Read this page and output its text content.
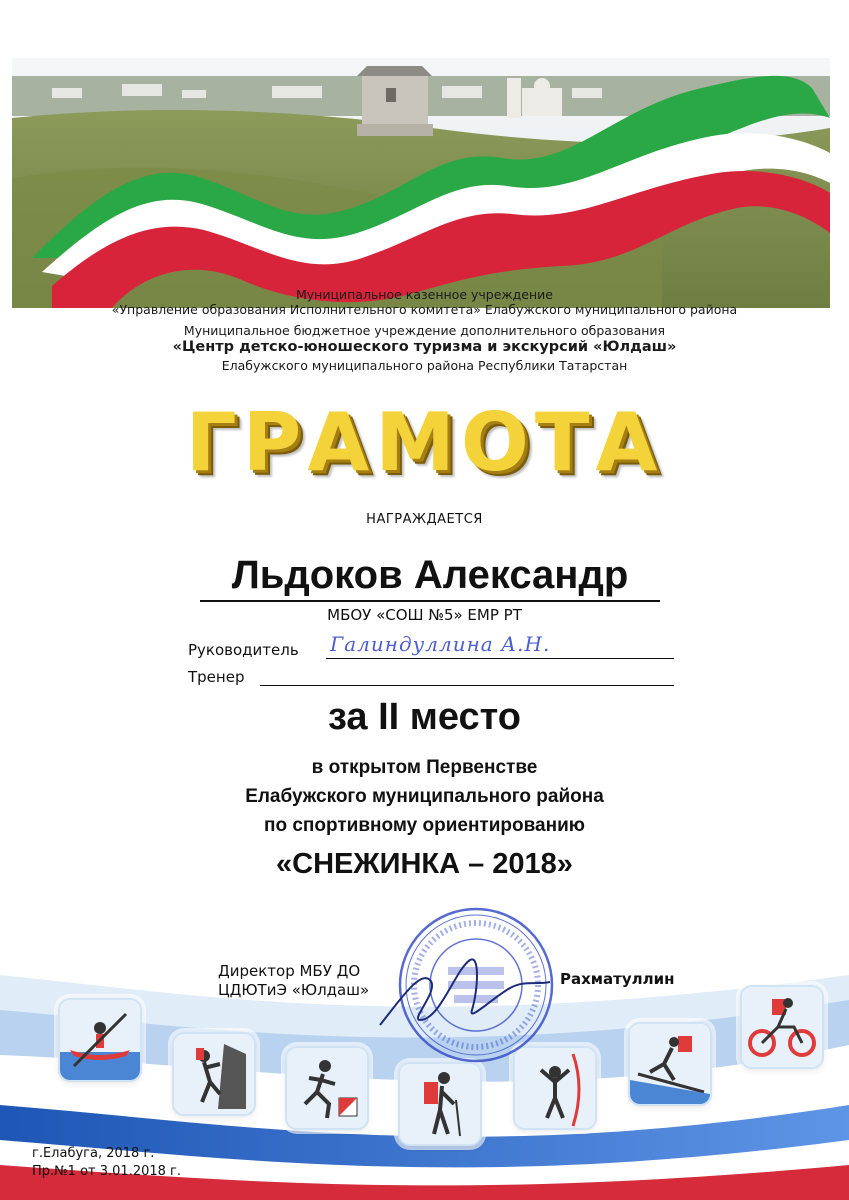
Муниципальное казенное учреждение
«Управление образования Исполнительного комитета» Елабужского муниципального района
Муниципальное бюджетное учреждение дополнительного образования
«Центр детско-юношеского туризма и экскурсий «Юлдаш»
Елабужского муниципального района Республики Татарстан
ГРАМОТА
НАГРАЖДАЕТСЯ
Льдоков Александр
МБОУ «СОШ №5» ЕМР РТ
Руководитель Галиндуллина А.Н.
Тренер
за II место
в открытом Первенстве
Елабужского муниципального района
по спортивному ориентированию
«СНЕЖИНКА – 2018»
Директор МБУ ДО
ЦДЮТиЭ «Юлдаш»
Рахматуллин
г.Елабуга, 2018 г.
Пр.№1 от 3.01.2018 г.
